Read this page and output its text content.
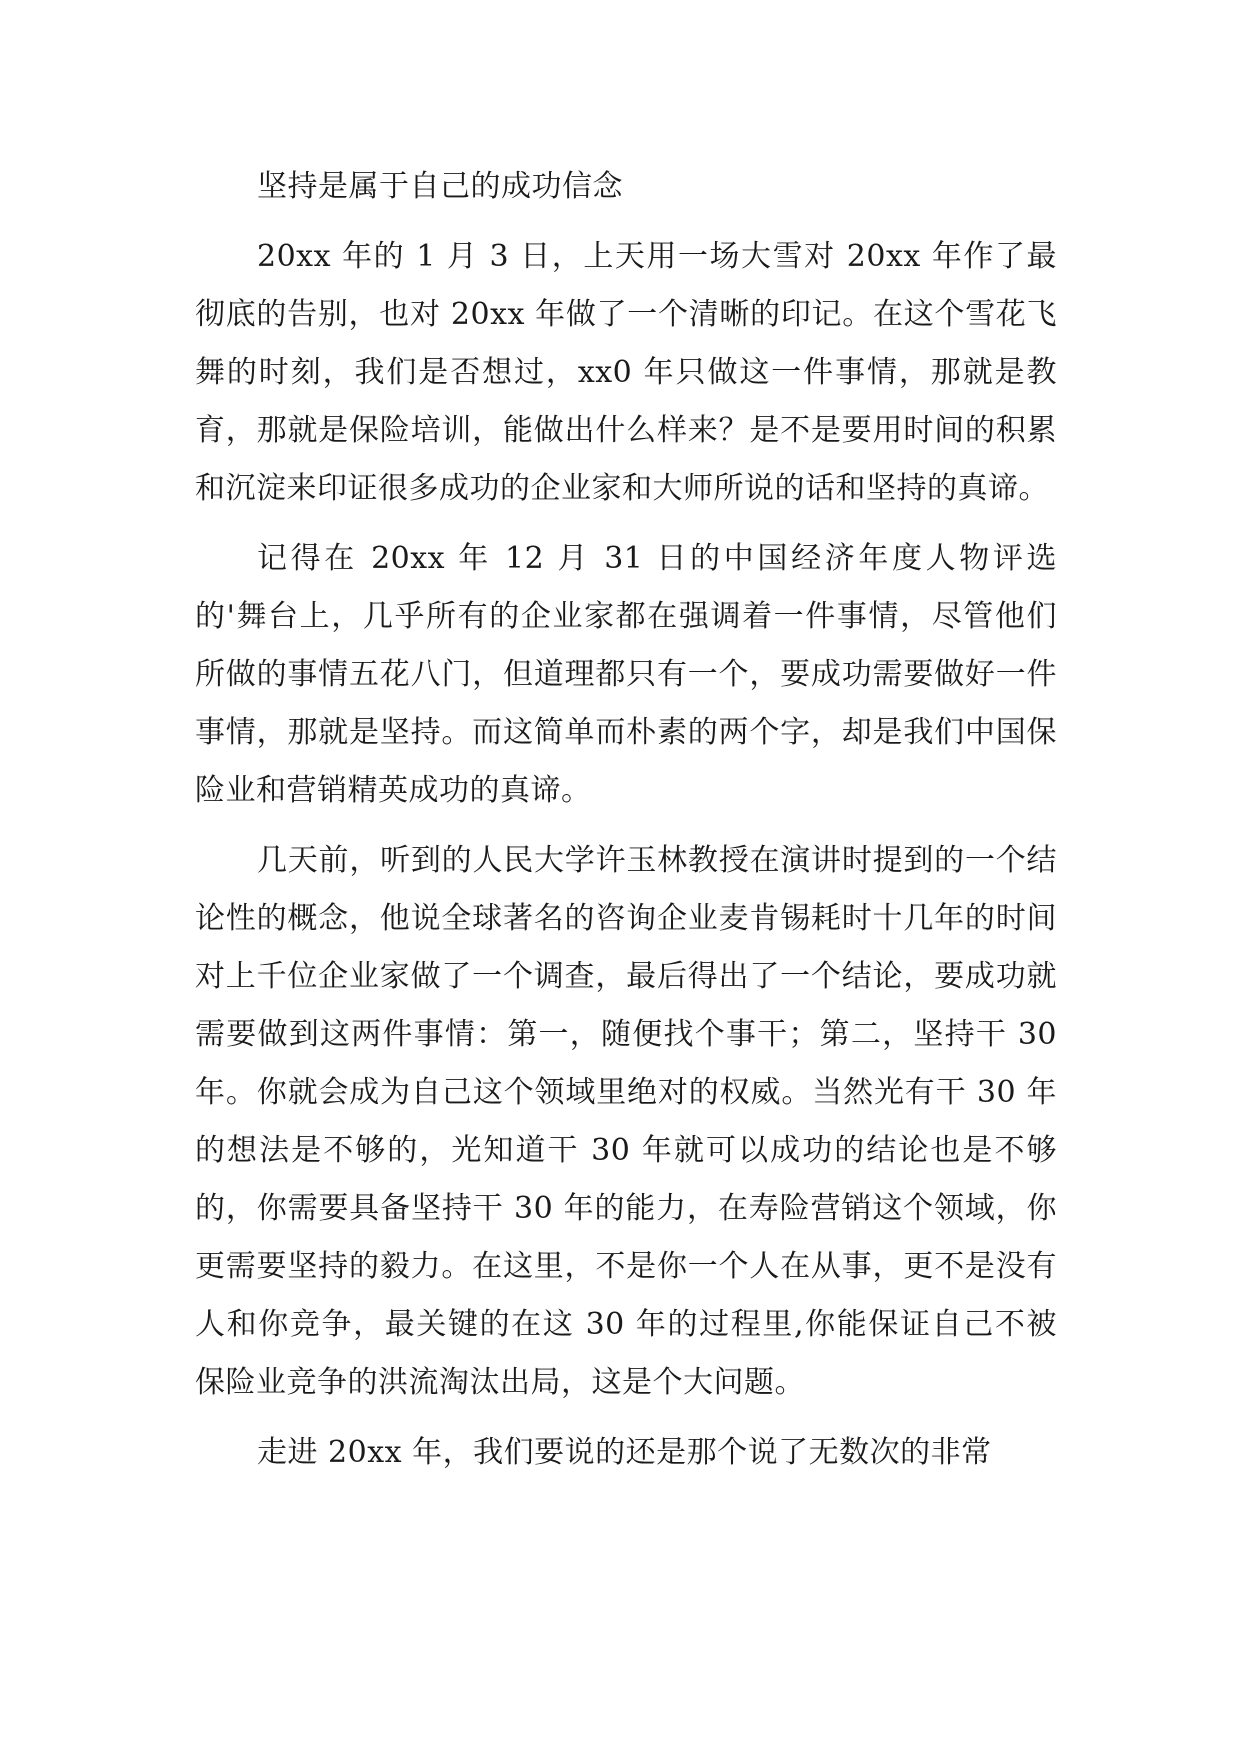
坚持是属于自己的成功信念

20xx 年的 1 月 3 日，上天用一场大雪对 20xx 年作了最彻底的告别，也对 20xx 年做了一个清晰的印记。在这个雪花飞舞的时刻，我们是否想过，xx0 年只做这一件事情，那就是教育，那就是保险培训，能做出什么样来？是不是要用时间的积累和沉淀来印证很多成功的企业家和大师所说的话和坚持的真谛。

记得在 20xx 年 12 月 31 日的中国经济年度人物评选的'舞台上，几乎所有的企业家都在强调着一件事情，尽管他们所做的事情五花八门，但道理都只有一个，要成功需要做好一件事情，那就是坚持。而这简单而朴素的两个字，却是我们中国保险业和营销精英成功的真谛。

几天前，听到的人民大学许玉林教授在演讲时提到的一个结论性的概念，他说全球著名的咨询企业麦肯锡耗时十几年的时间对上千位企业家做了一个调查，最后得出了一个结论，要成功就需要做到这两件事情：第一，随便找个事干；第二，坚持干 30 年。你就会成为自己这个领域里绝对的权威。当然光有干 30 年的想法是不够的，光知道干 30 年就可以成功的结论也是不够的，你需要具备坚持干 30 年的能力，在寿险营销这个领域，你更需要坚持的毅力。在这里，不是你一个人在从事，更不是没有人和你竞争，最关键的在这 30 年的过程里,你能保证自己不被保险业竞争的洪流淘汰出局，这是个大问题。

走进 20xx 年，我们要说的还是那个说了无数次的非常
